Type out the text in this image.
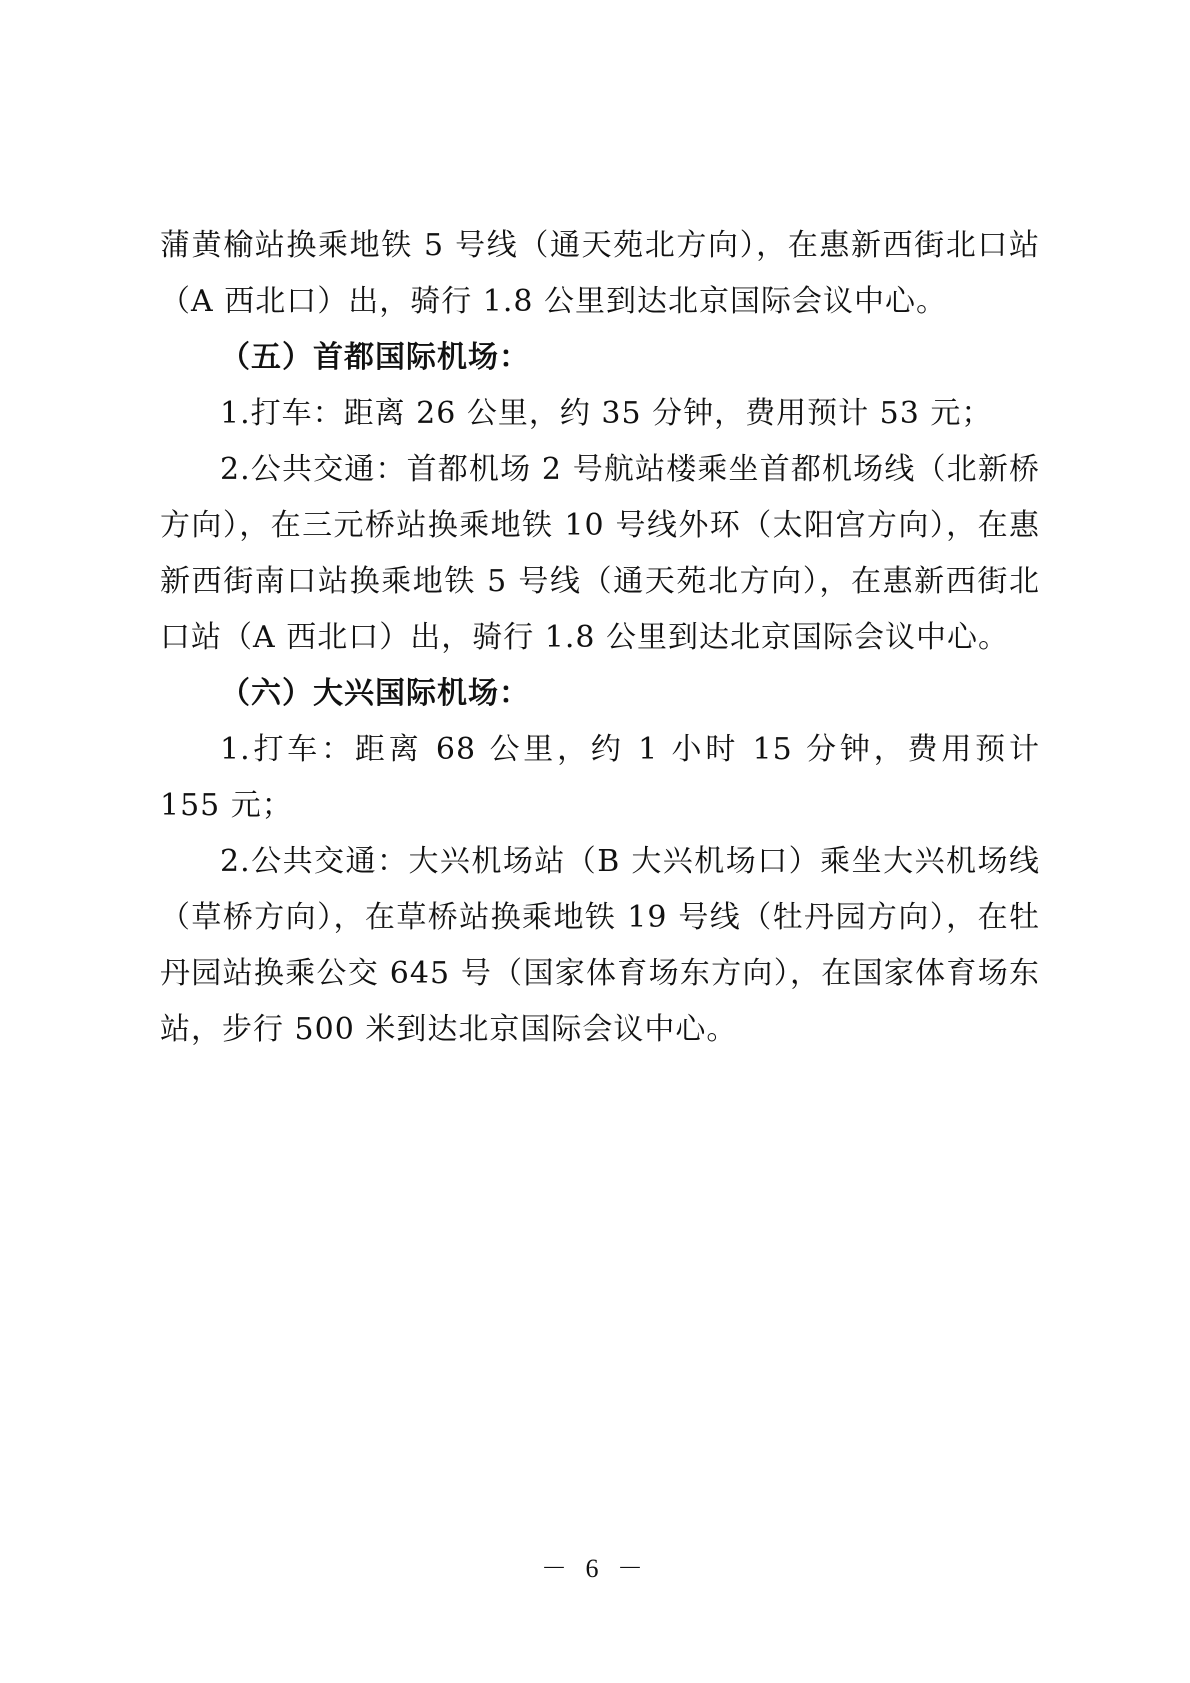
蒲黄榆站换乘地铁 5 号线（通天苑北方向），在惠新西街北口站（A 西北口）出，骑行 1.8 公里到达北京国际会议中心。

（五）首都国际机场：

1.打车：距离 26 公里，约 35 分钟，费用预计 53 元；

2.公共交通：首都机场 2 号航站楼乘坐首都机场线（北新桥方向），在三元桥站换乘地铁 10 号线外环（太阳宫方向），在惠新西街南口站换乘地铁 5 号线（通天苑北方向），在惠新西街北口站（A 西北口）出，骑行 1.8 公里到达北京国际会议中心。

（六）大兴国际机场：

1.打车：距离 68 公里，约 1 小时 15 分钟，费用预计 155 元；

2.公共交通：大兴机场站（B 大兴机场口）乘坐大兴机场线（草桥方向），在草桥站换乘地铁 19 号线（牡丹园方向），在牡丹园站换乘公交 645 号（国家体育场东方向），在国家体育场东站，步行 500 米到达北京国际会议中心。

－ 6 －
